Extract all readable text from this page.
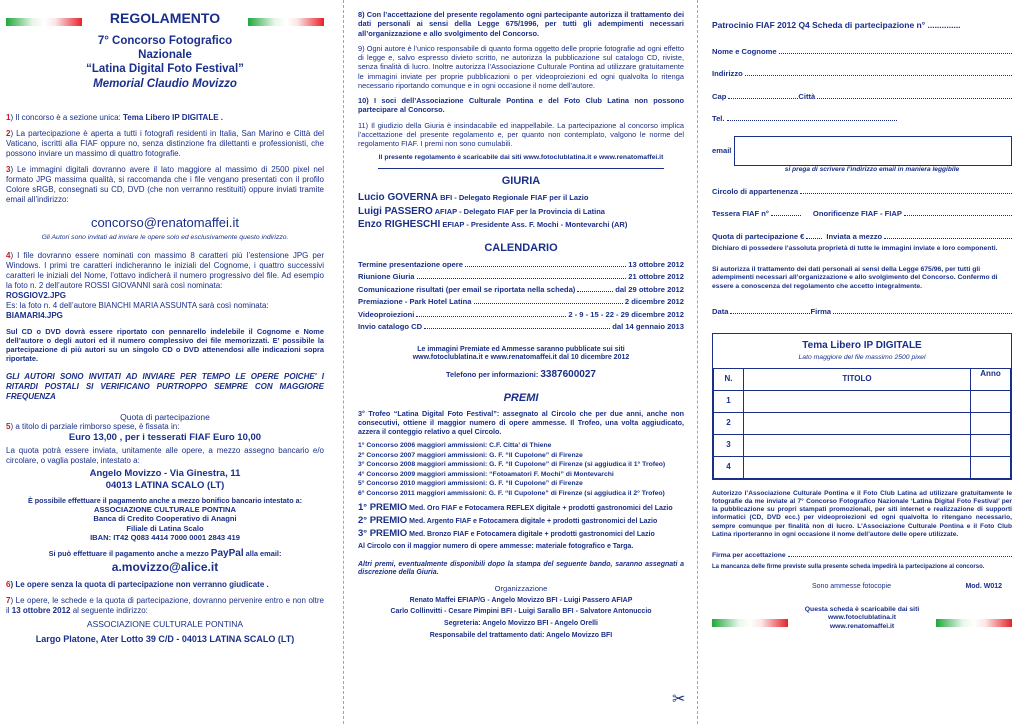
✂
REGOLAMENTO
7° Concorso Fotografico Nazionale
“Latina Digital Foto Festival”
Memorial Claudio Movizzo

1) Il concorso è a sezione unica: Tema Libero IP DIGITALE .

2) La partecipazione è aperta a tutti i fotografi residenti in Italia, San Marino e Città del Vaticano, iscritti alla FIAF oppure no, senza distinzione fra dilettanti e professionisti, che possono inviare un massimo di quattro fotografie.

3) Le immagini digitali dovranno avere il lato maggiore al massimo di 2500 pixel nel formato JPG massima qualità, si raccomanda che i file vengano presentati con il profilo Colore sRGB, consegnati su CD, DVD (che non verranno restituiti) oppure inviati tramite email all’indirizzo:

concorso@renatomaffei.it
Gli Autori sono invitati ad inviare le opere solo ed esclusivamente questo indirizzo.

4) I file dovranno essere nominati con massimo 8 caratteri più l’estensione JPG per Windows. I primi tre caratteri indicheranno le iniziali del Cognome, i quattro successivi caratteri le iniziali del Nome, l’ottavo indicherà il numero progressivo del file. Ad esempio la foto n. 2 dell’autore ROSSI GIOVANNI sarà così nominata:
ROSGIOV2.JPG
Es: la foto n. 4 dell’autore BIANCHI MARIA ASSUNTA sarà così nominata:
BIAMARI4.JPG

Sul CD o DVD dovrà essere riportato con pennarello indelebile il Cognome e Nome dell’autore o degli autori ed il numero complessivo dei file memorizzati. E’ possibile la partecipazione di più autori su un singolo CD o DVD attenendosi alle indicazioni sopra riportate.

GLI AUTORI SONO INVITATI AD INVIARE PER TEMPO LE OPERE POICHE' I RITARDI POSTALI SI VERIFICANO PURTROPPO SEMPRE CON MAGGIORE FREQUENZA

Quota di partecipazione
5) a titolo di parziale rimborso spese, è fissata in:
Euro 13,00 , per i tesserati FIAF Euro 10,00

La quota potrà essere inviata, unitamente alle opere, a mezzo assegno bancario e/o circolare, o vaglia postale, intestato a:

Angelo Movizzo - Via Ginestra, 11
04013 LATINA SCALO (LT)
È possibile effettuare il pagamento anche a mezzo bonifico bancario intestato a:
ASSOCIAZIONE CULTURALE PONTINA
Banca di Credito Cooperativo di Anagni
Filiale di Latina Scalo
IBAN: IT42 Q083 4414 7000 0001 2843 419
Si può effettuare il pagamento anche a mezzo PayPal alla email:
a.movizzo@alice.it

6) Le opere senza la quota di partecipazione non verranno giudicate .

7) Le opere, le schede e la quota di partecipazione, dovranno pervenire entro e non oltre il 13 ottobre 2012 al seguente indirizzo:

ASSOCIAZIONE CULTURALE PONTINA
Largo Platone, Ater Lotto 39 C/D - 04013 LATINA SCALO (LT)

8) Con l’accettazione del presente regolamento ogni partecipante autorizza il trattamento dei dati personali ai sensi della Legge 675/1996, per tutti gli adempimenti necessari all’organizzazione e allo svolgimento del Concorso.

9) Ogni autore è l’unico responsabile di quanto forma oggetto delle proprie fotografie ad ogni effetto di legge e, salvo espresso divieto scritto, ne autorizza la pubblicazione sul catalogo CD, riviste, senza finalità di lucro. Inoltre autorizza l’Associazione Culturale Pontina ad utilizzare gratuitamente le immagini inviate per proprie pubblicazioni o per videoproiezioni ed ogni qualvolta lo ritenga necessario riportando comunque e in ogni occasione il nome dell’autore.

10) I soci dell’Associazione Culturale Pontina e del Foto Club Latina non possono partecipare al Concorso.

11) Il giudizio della Giuria è insindacabile ed inappellabile. La partecipazione al concorso implica l’accettazione del presente regolamento e, per quanto non contemplato, valgono le norme del regolamento FIAF. I premi non sono cumulabili.

Il presente regolamento è scaricabile dai siti www.fotoclublatina.it e www.renatomaffei.it
GIURIA
Lucio GOVERNA BFI - Delegato Regionale FIAF per il Lazio
Luigi PASSERO AFIAP - Delegato FIAF per la Provincia di Latina
Enzo RIGHESCHI EFIAP - Presidente Ass. F. Mochi - Montevarchi (AR)
CALENDARIO
Termine presentazione opere	13 ottobre 2012
Riunione Giuria	21 ottobre 2012
Comunicazione risultati (per email se riportata nella scheda)	dal 29 ottobre 2012
Premiazione - Park Hotel Latina	2 dicembre 2012
Videoproiezioni	2 - 9 - 15 - 22 - 29 dicembre 2012
Invio catalogo CD	dal 14 gennaio 2013
Le immagini Premiate ed Ammesse saranno pubblicate sui siti
www.fotoclublatina.it e www.renatomaffei.it dal 10 dicembre 2012
Telefono per informazioni: 3387600027
PREMI

3° Trofeo “Latina Digital Foto Festival”: assegnato al Circolo che per due anni, anche non consecutivi, ottiene il maggior numero di opere ammesse. Il Trofeo, una volta aggiudicato, azzera il conteggio relativo a quel Circolo.

1° Concorso 2006 maggiori ammissioni: C.F. Citta’ di Thiene
2° Concorso 2007 maggiori ammissioni: G. F. “Il Cupolone” di Firenze
3° Concorso 2008 maggiori ammissioni: G. F. “Il Cupolone” di Firenze (si aggiudica il 1° Trofeo)
4° Concorso 2009 maggiori ammissioni: “Fotoamatori F. Mochi” di Montevarchi
5° Concorso 2010 maggiori ammissioni: G. F. “Il Cupolone” di Firenze
6° Concorso 2011 maggiori ammissioni: G. F. “Il Cupolone” di Firenze (si aggiudica il 2° Trofeo)
1° PREMIO Med. Oro FIAF e Fotocamera REFLEX digitale + prodotti gastronomici del Lazio
2° PREMIO Med. Argento FIAF e Fotocamera digitale + prodotti gastronomici del Lazio
3° PREMIO Med. Bronzo FIAF e Fotocamera digitale + prodotti gastronomici del Lazio
Al Circolo con il maggior numero di opere ammesse: materiale fotografico e Targa.

Altri premi, eventualmente disponibili dopo la stampa del seguente bando, saranno assegnati a discrezione della Giuria.

Organizzazione
Renato Maffei EFIAP/G - Angelo Movizzo BFI - Luigi Passero AFIAP
Carlo Collinvitti - Cesare Pimpini BFI - Luigi Sarallo BFI - Salvatore Antonuccio
Segreteria: Angelo Movizzo BFI - Angelo Orelli
Responsabile del trattamento dati: Angelo Movizzo BFI
Patrocinio FIAF 2012 Q4 Scheda di partecipazione n° ..............
Nome e Cognome
Indirizzo
Cap	Città
Tel.
email
si prega di scrivere l’indirizzo email in maniera leggibile
Circolo di appartenenza
Tessera FIAF n°	Onorificenze FIAF - FIAP
Quota di partecipazione €	Inviata a mezzo
Dichiaro di possedere l’assoluta proprietà di tutte le immagini inviate e loro componenti.
Si autorizza il trattamento dei dati personali ai sensi della Legge 675/96, per tutti gli adempimenti necessari all’organizzazione e allo svolgimento del Concorso. Confermo di essere a conoscenza del regolamento che accetto integralmente.
Data	Firma
Tema Libero IP DIGITALE
Lato maggiore del file massimo 2500 pixel
N.	TITOLO	Anno
1		
2		
3		
4		
Autorizzo l’Associazione Culturale Pontina e il Foto Club Latina ad utilizzare gratuitamente le fotografie da me inviate al 7° Concorso Fotografico Nazionale ‘Latina Digital Foto Festival’ per la pubblicazione su propri stampati promozionali, per siti internet e realizzazione di supporti informatici (CD, DVD ecc.) per videoproiezioni ed ogni qualvolta lo ritengano necessario, sempre comunque per finalità non di lucro. L’Associazione Culturale Pontina e il Foto Club Latina riporteranno in ogni occasione il nome dell’autore delle opere utilizzate.
Firma per accettazione
La mancanza delle firme previste sulla presente scheda impedirà la partecipazione al concorso.
Sono ammesse fotocopie	Mod. W012
Questa scheda è scaricabile dai siti
www.fotoclublatina.it
www.renatomaffei.it
